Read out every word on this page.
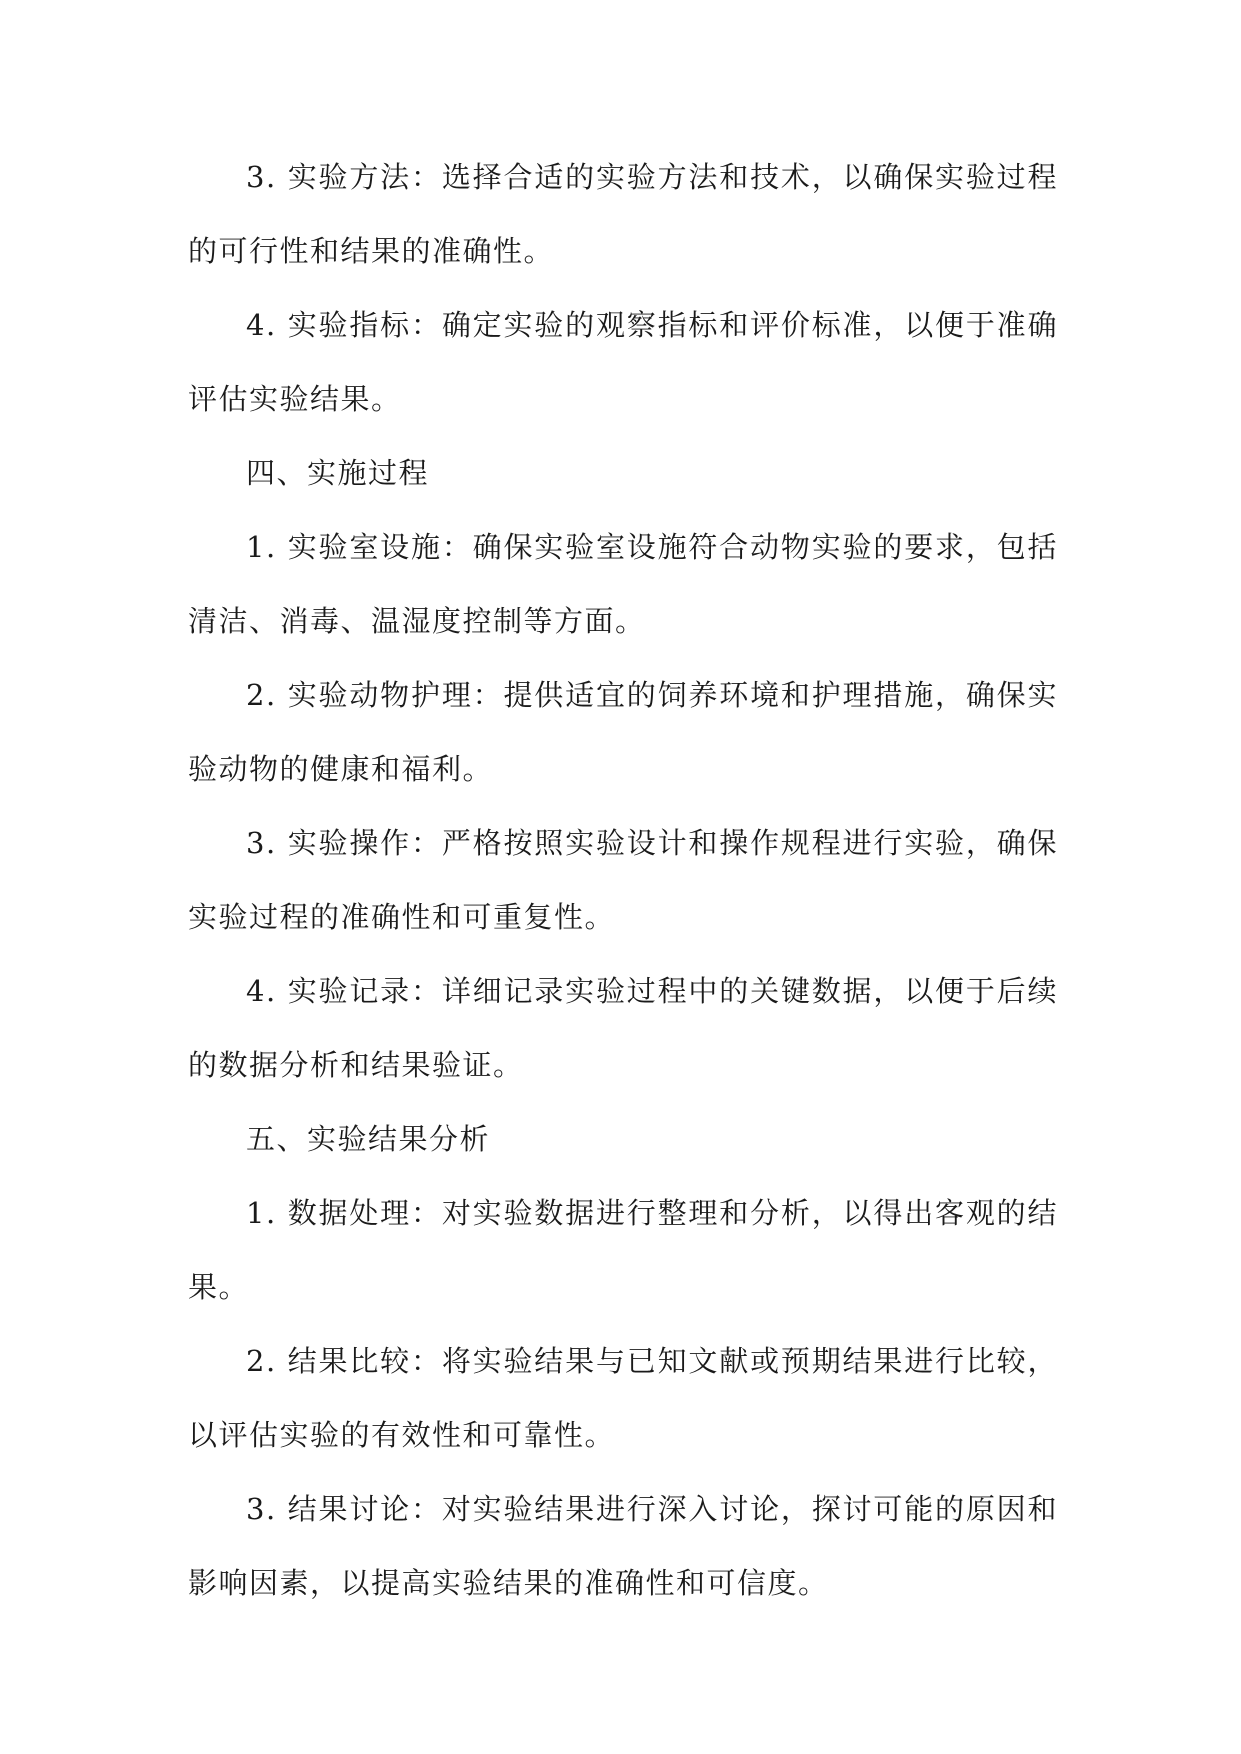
3. 实验方法：选择合适的实验方法和技术，以确保实验过程的可行性和结果的准确性。

4. 实验指标：确定实验的观察指标和评价标准，以便于准确评估实验结果。

四、实施过程

1. 实验室设施：确保实验室设施符合动物实验的要求，包括清洁、消毒、温湿度控制等方面。

2. 实验动物护理：提供适宜的饲养环境和护理措施，确保实验动物的健康和福利。

3. 实验操作：严格按照实验设计和操作规程进行实验，确保实验过程的准确性和可重复性。

4. 实验记录：详细记录实验过程中的关键数据，以便于后续的数据分析和结果验证。

五、实验结果分析

1. 数据处理：对实验数据进行整理和分析，以得出客观的结果。

2. 结果比较：将实验结果与已知文献或预期结果进行比较，以评估实验的有效性和可靠性。

3. 结果讨论：对实验结果进行深入讨论，探讨可能的原因和影响因素，以提高实验结果的准确性和可信度。
